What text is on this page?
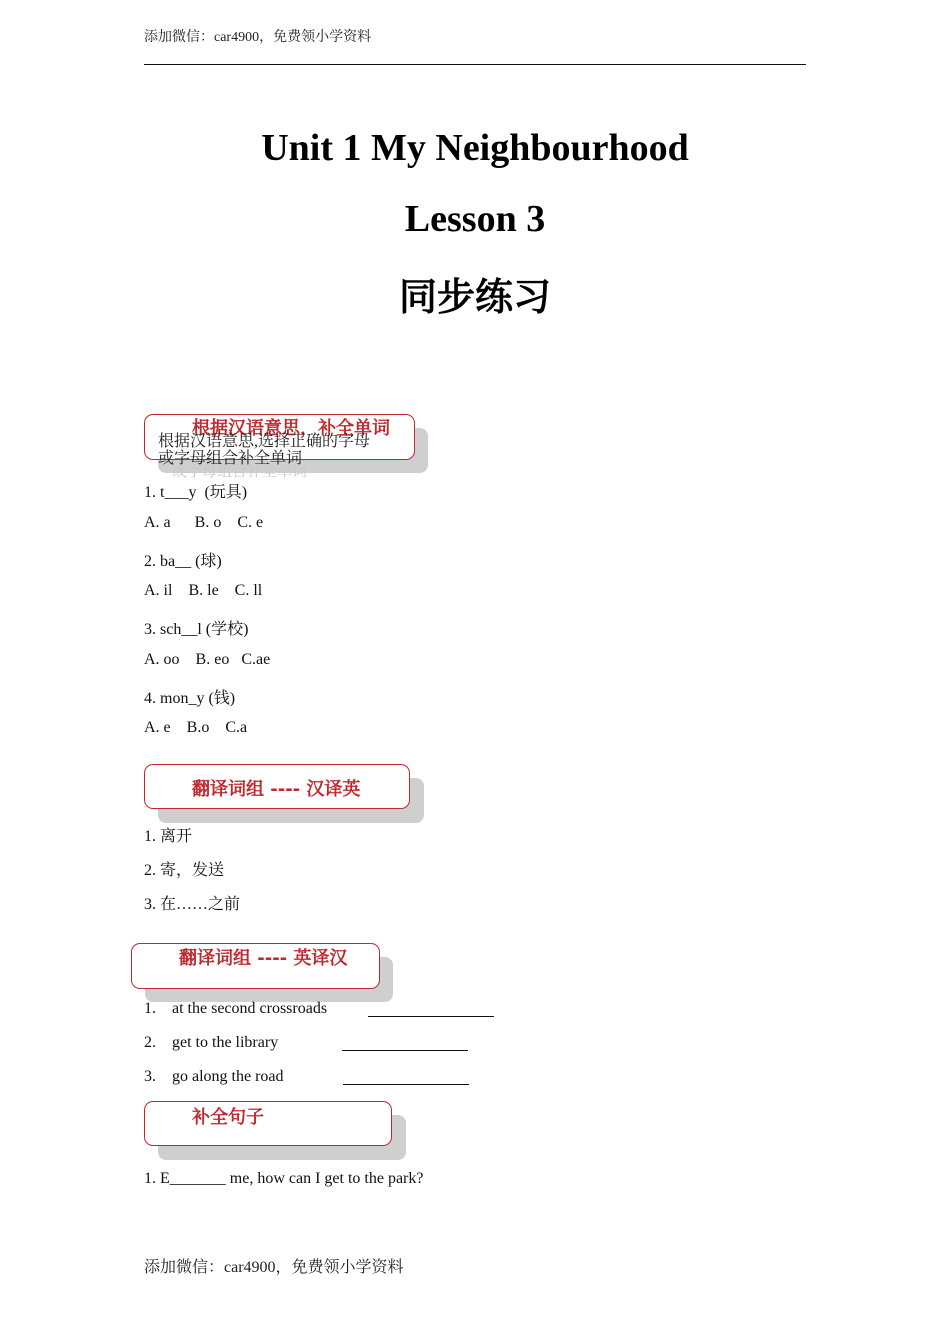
添加微信：car4900，免费领小学资料
Unit 1 My Neighbourhood
Lesson 3
同步练习
根据汉语意思，补全单词
或字母组合补全单词
根据汉语意思,选择正确的字母
或字母组合补全单词
1. t___y  (玩具)
A. a      B. o    C. e
2. ba__ (球)
A. il    B. le    C. ll
3. sch__l (学校)
A. oo    B. eo   C.ae
4. mon_y (钱)
A. e    B.o    C.a
翻译词组 ---- 汉译英
1. 离开
2. 寄，发送
3. 在……之前
翻译词组 ---- 英译汉
1. at the second crossroads
2. get to the library
3. go along the road
补全句子
1. E_______ me, how can I get to the park?
添加微信：car4900，免费领小学资料
